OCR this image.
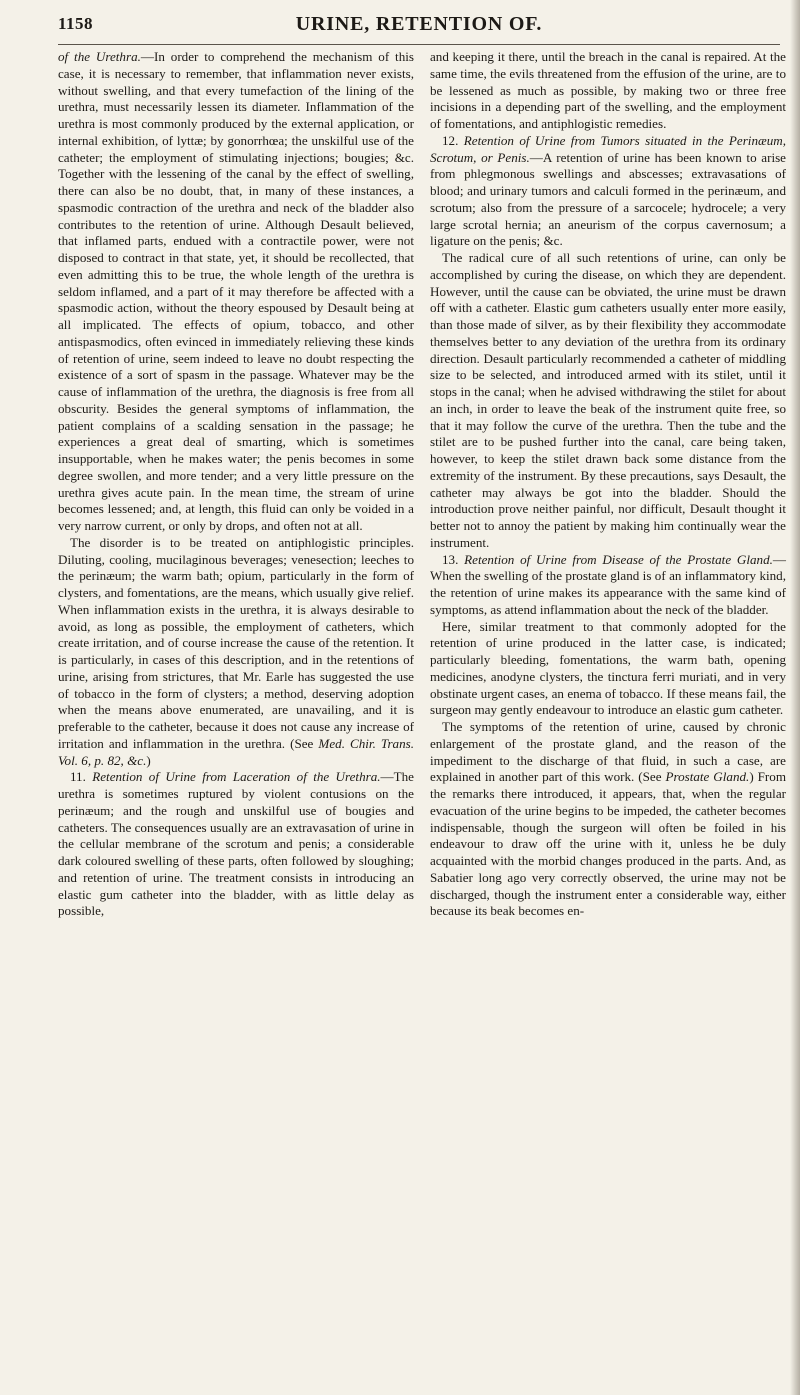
1158	URINE, RETENTION OF.

of the Urethra.—In order to comprehend the mechanism of this case, it is necessary to remember, that inflammation never exists, without swelling, and that every tumefaction of the lining of the urethra, must necessarily lessen its diameter. Inflammation of the urethra is most commonly produced by the external application, or internal exhibition, of lyttæ; by gonorrhœa; the unskilful use of the catheter; the employment of stimulating injections; bougies; &c. Together with the lessening of the canal by the effect of swelling, there can also be no doubt, that, in many of these instances, a spasmodic contraction of the urethra and neck of the bladder also contributes to the retention of urine. Although Desault believed, that inflamed parts, endued with a contractile power, were not disposed to contract in that state, yet, it should be recollected, that even admitting this to be true, the whole length of the urethra is seldom inflamed, and a part of it may therefore be affected with a spasmodic action, without the theory espoused by Desault being at all implicated. The effects of opium, tobacco, and other antispasmodics, often evinced in immediately relieving these kinds of retention of urine, seem indeed to leave no doubt respecting the existence of a sort of spasm in the passage. Whatever may be the cause of inflammation of the urethra, the diagnosis is free from all obscurity. Besides the general symptoms of inflammation, the patient complains of a scalding sensation in the passage; he experiences a great deal of smarting, which is sometimes insupportable, when he makes water; the penis becomes in some degree swollen, and more tender; and a very little pressure on the urethra gives acute pain. In the mean time, the stream of urine becomes lessened; and, at length, this fluid can only be voided in a very narrow current, or only by drops, and often not at all.

The disorder is to be treated on antiphlogistic principles. Diluting, cooling, mucilaginous beverages; venesection; leeches to the perinæum; the warm bath; opium, particularly in the form of clysters, and fomentations, are the means, which usually give relief. When inflammation exists in the urethra, it is always desirable to avoid, as long as possible, the employment of catheters, which create irritation, and of course increase the cause of the retention. It is particularly, in cases of this description, and in the retentions of urine, arising from strictures, that Mr. Earle has suggested the use of tobacco in the form of clysters; a method, deserving adoption when the means above enumerated, are unavailing, and it is preferable to the catheter, because it does not cause any increase of irritation and inflammation in the urethra. (See Med. Chir. Trans. Vol. 6, p. 82, &c.)

11. Retention of Urine from Laceration of the Urethra.—The urethra is sometimes ruptured by violent contusions on the perinæum; and the rough and unskilful use of bougies and catheters. The consequences usually are an extravasation of urine in the cellular membrane of the scrotum and penis; a considerable dark coloured swelling of these parts, often followed by sloughing; and retention of urine. The treatment consists in introducing an elastic gum catheter into the bladder, with as little delay as possible,

and keeping it there, until the breach in the canal is repaired. At the same time, the evils threatened from the effusion of the urine, are to be lessened as much as possible, by making two or three free incisions in a depending part of the swelling, and the employment of fomentations, and antiphlogistic remedies.

12. Retention of Urine from Tumors situated in the Perinæum, Scrotum, or Penis.—A retention of urine has been known to arise from phlegmonous swellings and abscesses; extravasations of blood; and urinary tumors and calculi formed in the perinæum, and scrotum; also from the pressure of a sarcocele; hydrocele; a very large scrotal hernia; an aneurism of the corpus cavernosum; a ligature on the penis; &c.

The radical cure of all such retentions of urine, can only be accomplished by curing the disease, on which they are dependent. However, until the cause can be obviated, the urine must be drawn off with a catheter. Elastic gum catheters usually enter more easily, than those made of silver, as by their flexibility they accommodate themselves better to any deviation of the urethra from its ordinary direction. Desault particularly recommended a catheter of middling size to be selected, and introduced armed with its stilet, until it stops in the canal; when he advised withdrawing the stilet for about an inch, in order to leave the beak of the instrument quite free, so that it may follow the curve of the urethra. Then the tube and the stilet are to be pushed further into the canal, care being taken, however, to keep the stilet drawn back some distance from the extremity of the instrument. By these precautions, says Desault, the catheter may always be got into the bladder. Should the introduction prove neither painful, nor difficult, Desault thought it better not to annoy the patient by making him continually wear the instrument.

13. Retention of Urine from Disease of the Prostate Gland.—When the swelling of the prostate gland is of an inflammatory kind, the retention of urine makes its appearance with the same kind of symptoms, as attend inflammation about the neck of the bladder.

Here, similar treatment to that commonly adopted for the retention of urine produced in the latter case, is indicated; particularly bleeding, fomentations, the warm bath, opening medicines, anodyne clysters, the tinctura ferri muriati, and in very obstinate urgent cases, an enema of tobacco. If these means fail, the surgeon may gently endeavour to introduce an elastic gum catheter.

The symptoms of the retention of urine, caused by chronic enlargement of the prostate gland, and the reason of the impediment to the discharge of that fluid, in such a case, are explained in another part of this work. (See Prostate Gland.) From the remarks there introduced, it appears, that, when the regular evacuation of the urine begins to be impeded, the catheter becomes indispensable, though the surgeon will often be foiled in his endeavour to draw off the urine with it, unless he be duly acquainted with the morbid changes produced in the parts. And, as Sabatier long ago very correctly observed, the urine may not be discharged, though the instrument enter a considerable way, either because its beak becomes en-
